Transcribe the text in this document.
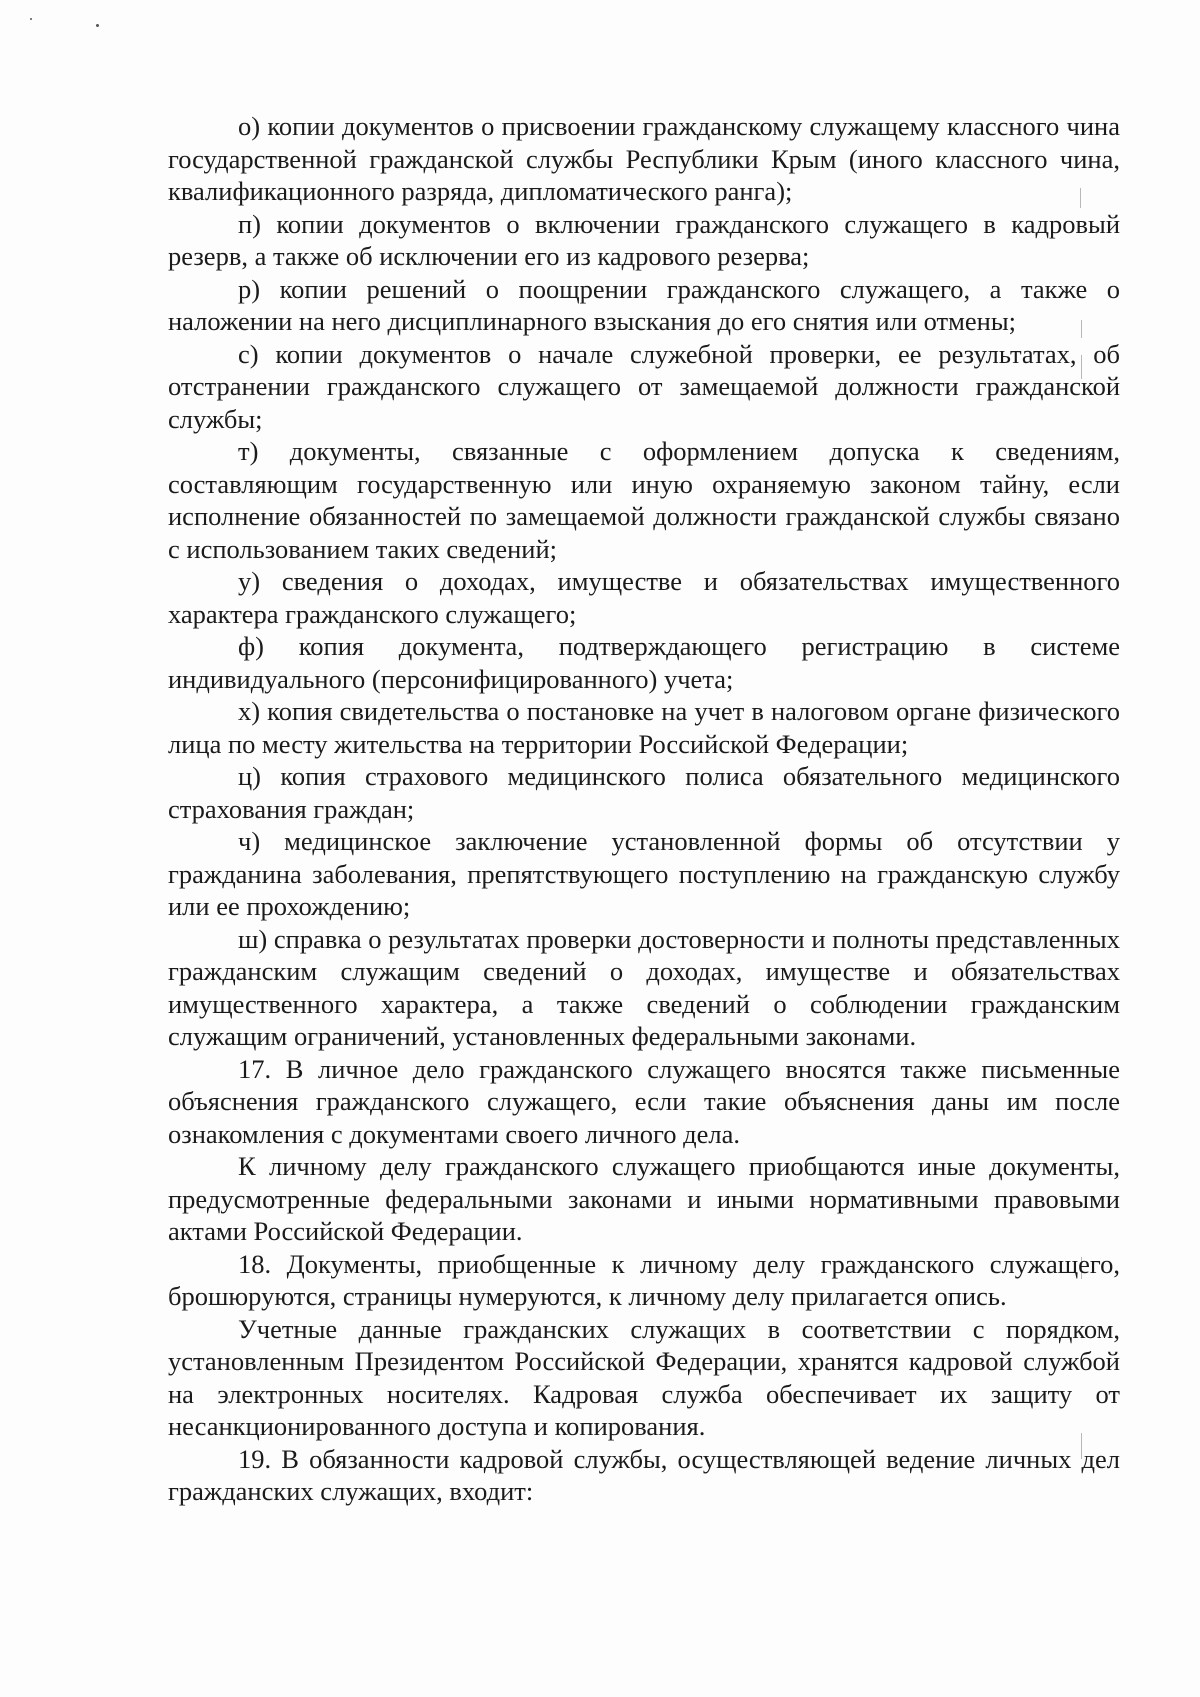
о) копии документов о присвоении гражданскому служащему классного чина государственной гражданской службы Республики Крым (иного классного чина, квалификационного разряда, дипломатического ранга);

п) копии документов о включении гражданского служащего в кадровый резерв, а также об исключении его из кадрового резерва;

р) копии решений о поощрении гражданского служащего, а также о наложении на него дисциплинарного взыскания до его снятия или отмены;

с) копии документов о начале служебной проверки, ее результатах, об отстранении гражданского служащего от замещаемой должности гражданской службы;

т) документы, связанные с оформлением допуска к сведениям, составляющим государственную или иную охраняемую законом тайну, если исполнение обязанностей по замещаемой должности гражданской службы связано с использованием таких сведений;

у) сведения о доходах, имуществе и обязательствах имущественного характера гражданского служащего;

ф) копия документа, подтверждающего регистрацию в системе индивидуального (персонифицированного) учета;

х) копия свидетельства о постановке на учет в налоговом органе физического лица по месту жительства на территории Российской Федерации;

ц) копия страхового медицинского полиса обязательного медицинского страхования граждан;

ч) медицинское заключение установленной формы об отсутствии у гражданина заболевания, препятствующего поступлению на гражданскую службу или ее прохождению;

ш) справка о результатах проверки достоверности и полноты представленных гражданским служащим сведений о доходах, имуществе и обязательствах имущественного характера, а также сведений о соблюдении гражданским служащим ограничений, установленных федеральными законами.

17. В личное дело гражданского служащего вносятся также письменные объяснения гражданского служащего, если такие объяснения даны им после ознакомления с документами своего личного дела.

К личному делу гражданского служащего приобщаются иные документы, предусмотренные федеральными законами и иными нормативными правовыми актами Российской Федерации.

18. Документы, приобщенные к личному делу гражданского служащего, брошюруются, страницы нумеруются, к личному делу прилагается опись.

Учетные данные гражданских служащих в соответствии с порядком, установленным Президентом Российской Федерации, хранятся кадровой службой на электронных носителях. Кадровая служба обеспечивает их защиту от несанкционированного доступа и копирования.

19. В обязанности кадровой службы, осуществляющей ведение личных дел гражданских служащих, входит:
